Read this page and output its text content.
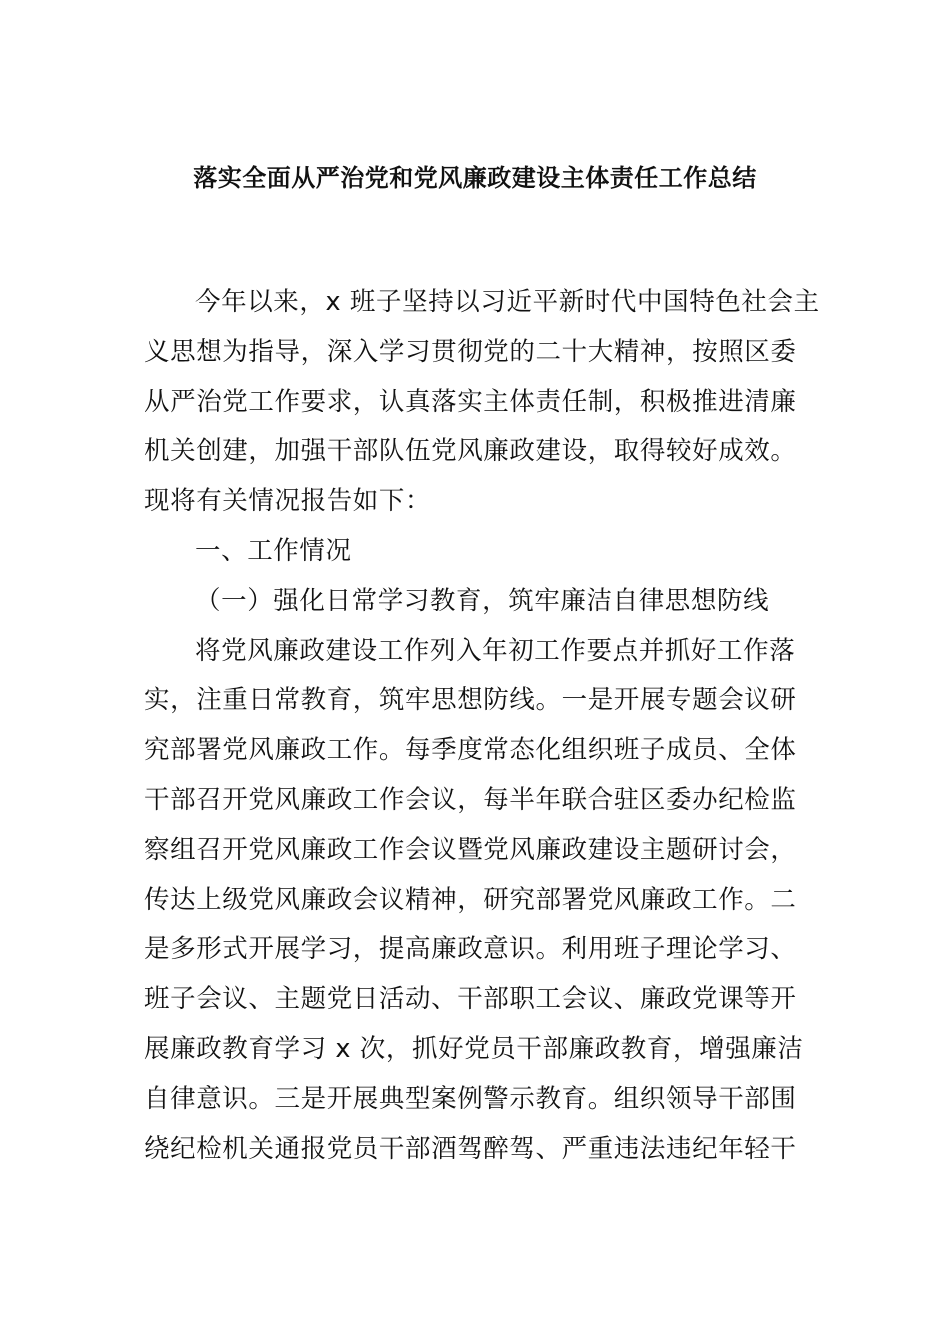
落实全面从严治党和党风廉政建设主体责任工作总结
今年以来，x 班子坚持以习近平新时代中国特色社会主
义思想为指导，深入学习贯彻党的二十大精神，按照区委
从严治党工作要求，认真落实主体责任制，积极推进清廉
机关创建，加强干部队伍党风廉政建设，取得较好成效。
现将有关情况报告如下：
一、工作情况
（一）强化日常学习教育，筑牢廉洁自律思想防线
将党风廉政建设工作列入年初工作要点并抓好工作落
实，注重日常教育，筑牢思想防线。一是开展专题会议研
究部署党风廉政工作。每季度常态化组织班子成员、全体
干部召开党风廉政工作会议，每半年联合驻区委办纪检监
察组召开党风廉政工作会议暨党风廉政建设主题研讨会，
传达上级党风廉政会议精神，研究部署党风廉政工作。二
是多形式开展学习，提高廉政意识。利用班子理论学习、
班子会议、主题党日活动、干部职工会议、廉政党课等开
展廉政教育学习 x 次，抓好党员干部廉政教育，增强廉洁
自律意识。三是开展典型案例警示教育。组织领导干部围
绕纪检机关通报党员干部酒驾醉驾、严重违法违纪年轻干
